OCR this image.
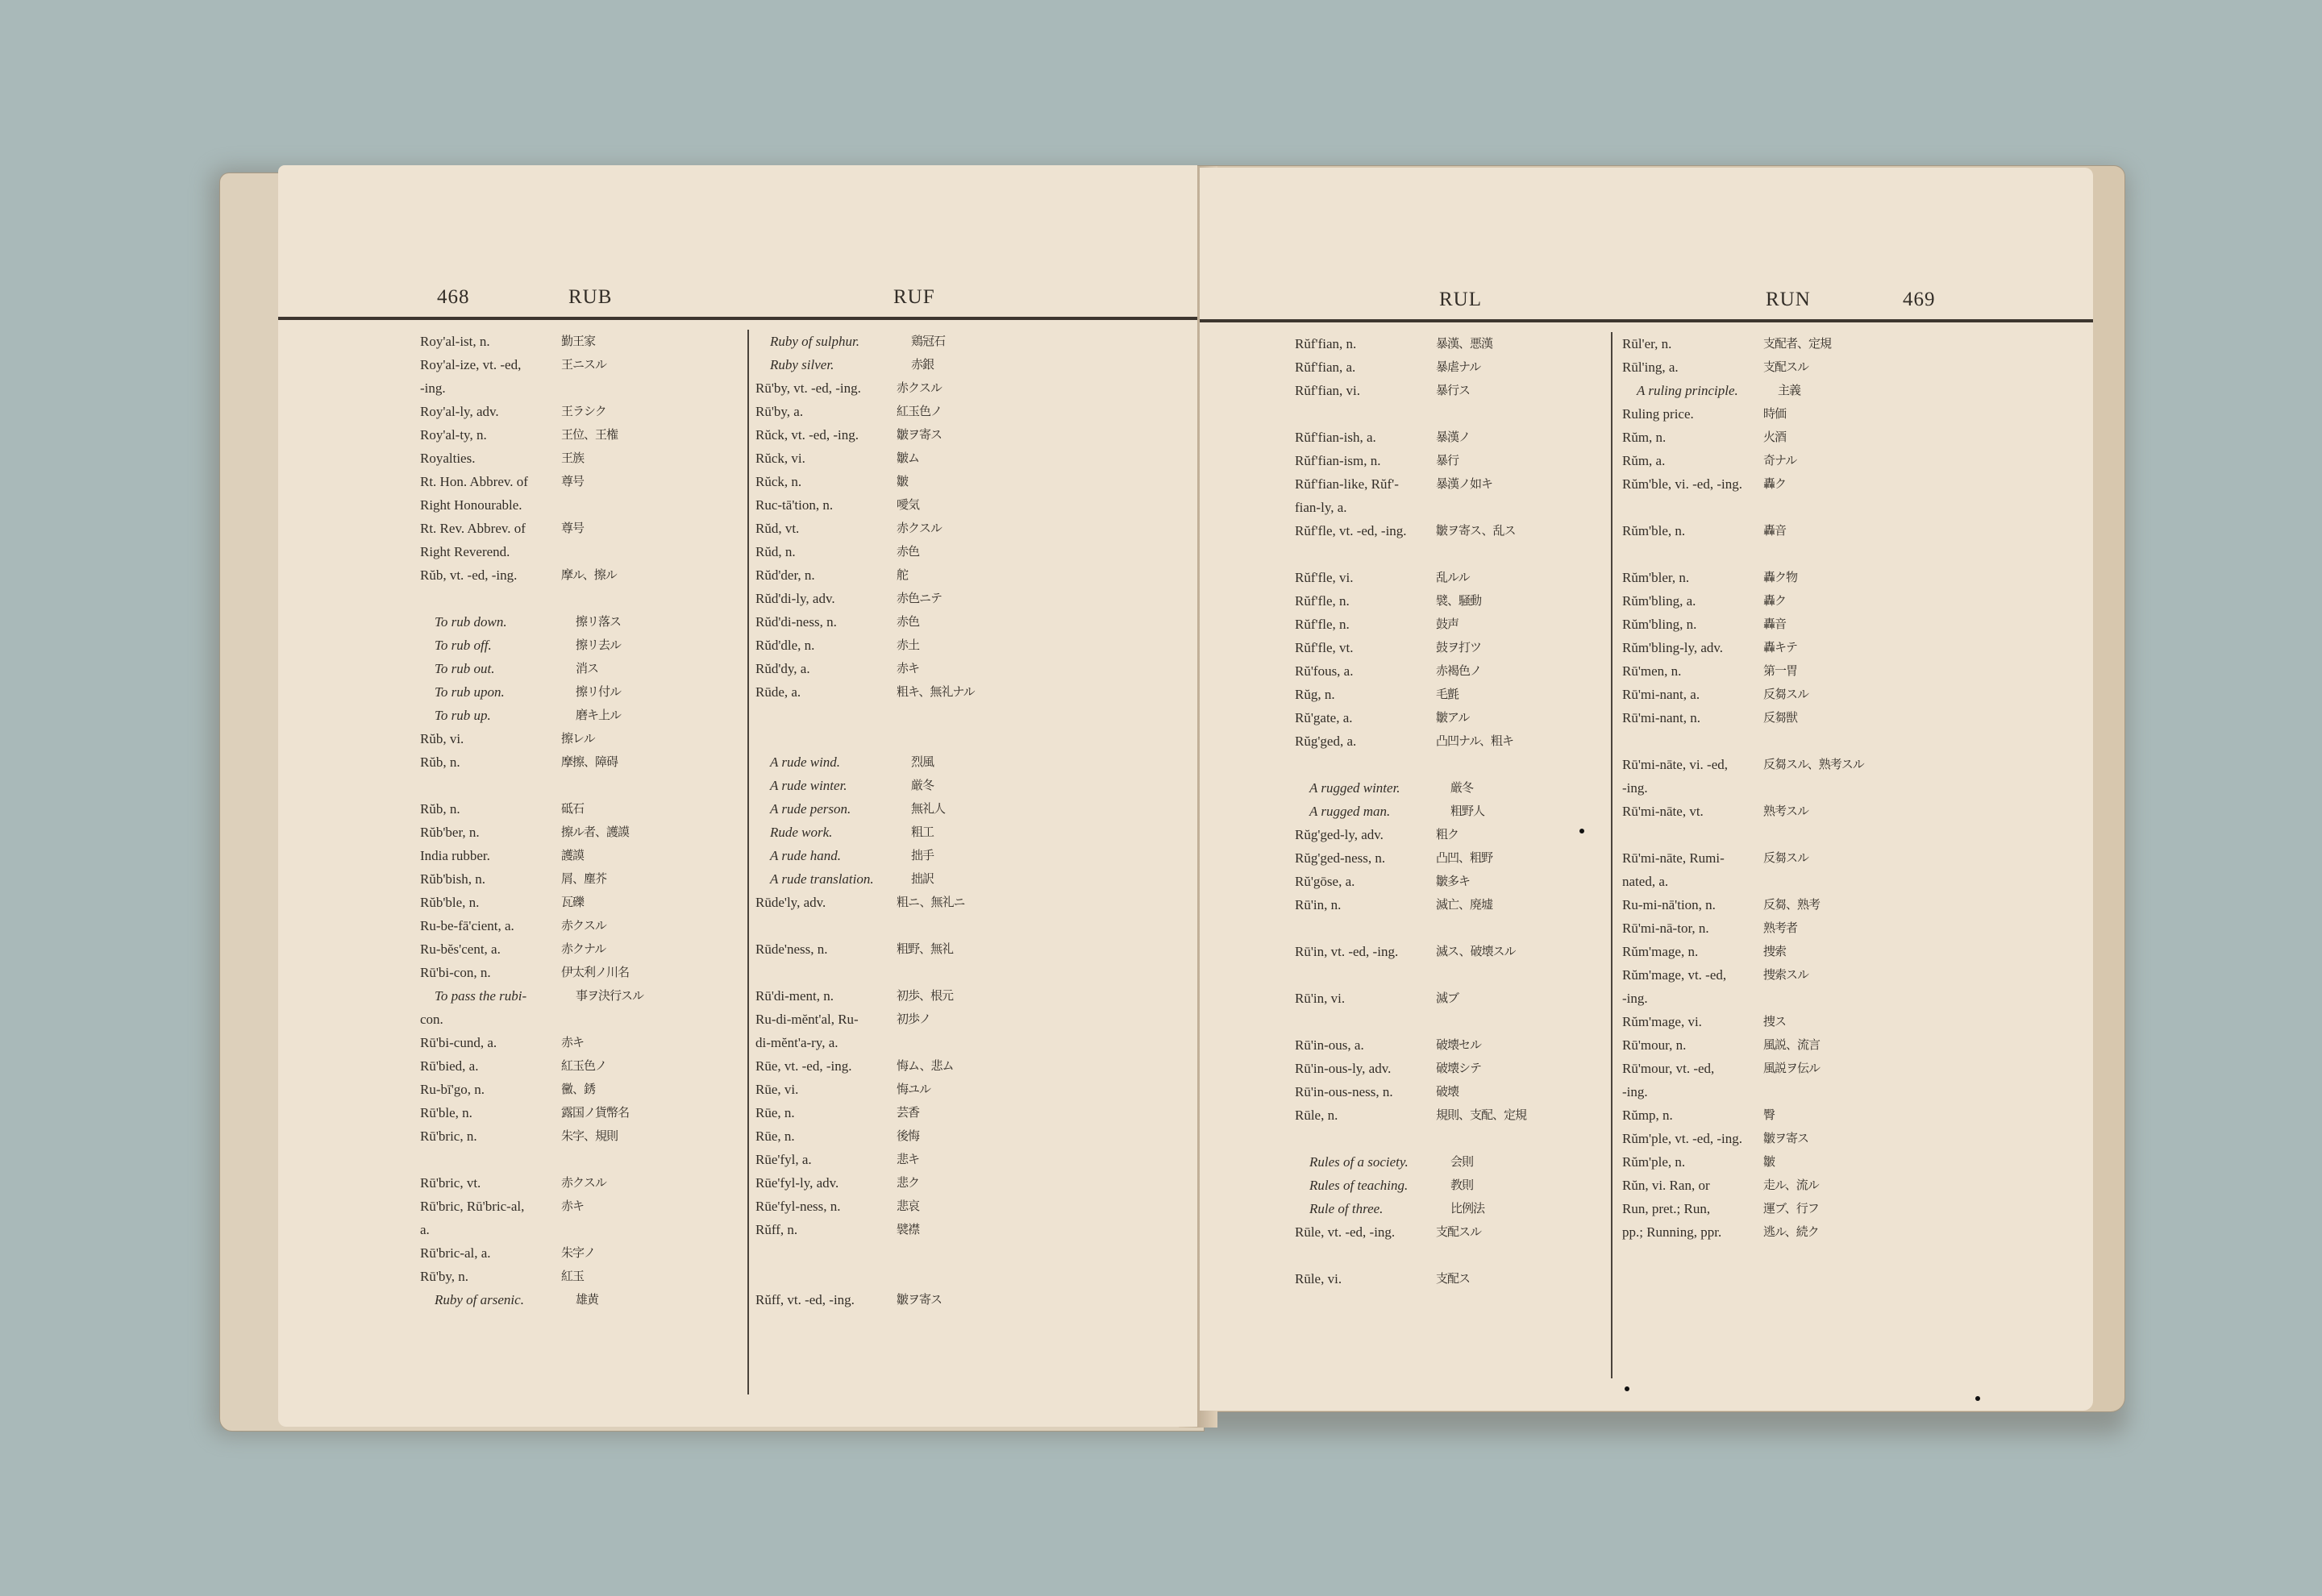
468	RUB	RUF
Roy'al-ist, n.	勤王家
Roy'al-ize, vt. -ed,	王ニスル
-ing.
Roy'al-ly, adv.	王ラシク
Roy'al-ty, n.	王位、王権
Royalties.	王族
Rt. Hon. Abbrev. of	尊号
Right Honourable.
Rt. Rev. Abbrev. of	尊号
Right Reverend.
Rŭb, vt. -ed, -ing.	摩ル、擦ル
To rub down.	擦リ落ス
To rub off.	擦リ去ル
To rub out.	消ス
To rub upon.	擦リ付ル
To rub up.	磨キ上ル
Rŭb, vi.	擦レル
Rŭb, n.	摩擦、障碍
Rŭb, n.	砥石
Rŭb'ber, n.	擦ル者、護謨
India rubber.	護謨
Rŭb'bish, n.	屑、塵芥
Rŭb'ble, n.	瓦礫
Ru-be-fā'cient, a.	赤クスル
Ru-bĕs'cent, a.	赤クナル
Rū'bi-con, n.	伊太利ノ川名
To pass the rubi-	事ヲ決行スル
con.
Rū'bi-cund, a.	赤キ
Rū'bied, a.	紅玉色ノ
Ru-bī'go, n.	黴、銹
Rū'ble, n.	露国ノ貨幣名
Rū'bric, n.	朱字、規則
Rū'bric, vt.	赤クスル
Rū'bric, Rū'bric-al,	赤キ
a.
Rū'bric-al, a.	朱字ノ
Rū'by, n.	紅玉
Ruby of arsenic.	雄黄
Ruby of sulphur.	鶏冠石
Ruby silver.	赤銀
Rū'by, vt. -ed, -ing.	赤クスル
Rū'by, a.	紅玉色ノ
Rŭck, vt. -ed, -ing.	皺ヲ寄ス
Rŭck, vi.	皺ム
Rŭck, n.	皺
Ruc-tā'tion, n.	噯気
Rŭd, vt.	赤クスル
Rŭd, n.	赤色
Rŭd'der, n.	舵
Rŭd'di-ly, adv.	赤色ニテ
Rŭd'di-ness, n.	赤色
Rŭd'dle, n.	赤土
Rŭd'dy, a.	赤キ
Rūde, a.	粗キ、無礼ナル
A rude wind.	烈風
A rude winter.	厳冬
A rude person.	無礼人
Rude work.	粗工
A rude hand.	拙手
A rude translation.	拙訳
Rūde'ly, adv.	粗ニ、無礼ニ
Rūde'ness, n.	粗野、無礼
Rū'di-ment, n.	初歩、根元
Ru-di-mĕnt'al, Ru-	初歩ノ
di-mĕnt'a-ry, a.
Rūe, vt. -ed, -ing.	悔ム、悲ム
Rūe, vi.	悔ユル
Rūe, n.	芸香
Rūe, n.	後悔
Rūe'fyl, a.	悲キ
Rūe'fyl-ly, adv.	悲ク
Rūe'fyl-ness, n.	悲哀
Rŭff, n.	襞襟
Rŭff, vt. -ed, -ing.	皺ヲ寄ス
RUL	RUN	469
Rŭf'fian, n.	暴漢、悪漢
Rŭf'fian, a.	暴虐ナル
Rŭf'fian, vi.	暴行ス
Rŭf'fian-ish, a.	暴漢ノ
Rŭf'fian-ism, n.	暴行
Rŭf'fian-like, Rŭf'-	暴漢ノ如キ
fian-ly, a.
Rŭf'fle, vt. -ed, -ing.	皺ヲ寄ス、乱ス
Rŭf'fle, vi.	乱ルル
Rŭf'fle, n.	襞、騒動
Rŭf'fle, n.	鼓声
Rŭf'fle, vt.	鼓ヲ打ツ
Rŭ'fous, a.	赤褐色ノ
Rŭg, n.	毛氈
Rŭ'gate, a.	皺アル
Rŭg'ged, a.	凸凹ナル、粗キ
A rugged winter.	厳冬
A rugged man.	粗野人
Rŭg'ged-ly, adv.	粗ク
Rŭg'ged-ness, n.	凸凹、粗野
Rŭ'gōse, a.	皺多キ
Rū'in, n.	滅亡、廃墟
Rū'in, vt. -ed, -ing.	滅ス、破壊スル
Rū'in, vi.	滅ブ
Rū'in-ous, a.	破壊セル
Rū'in-ous-ly, adv.	破壊シテ
Rū'in-ous-ness, n.	破壊
Rūle, n.	規則、支配、定規
Rules of a society.	会則
Rules of teaching.	教則
Rule of three.	比例法
Rūle, vt. -ed, -ing.	支配スル
Rūle, vi.	支配ス
Rūl'er, n.	支配者、定規
Rūl'ing, a.	支配スル
A ruling principle.	主義
Ruling price.	時価
Rŭm, n.	火酒
Rŭm, a.	奇ナル
Rŭm'ble, vi. -ed, -ing.	轟ク
Rŭm'ble, n.	轟音
Rŭm'bler, n.	轟ク物
Rŭm'bling, a.	轟ク
Rŭm'bling, n.	轟音
Rŭm'bling-ly, adv.	轟キテ
Rū'men, n.	第一胃
Rū'mi-nant, a.	反芻スル
Rū'mi-nant, n.	反芻獣
Rū'mi-nāte, vi. -ed,	反芻スル、熟考スル
-ing.
Rū'mi-nāte, vt.	熟考スル
Rū'mi-nāte, Rumi-	反芻スル
nated, a.
Ru-mi-nā'tion, n.	反芻、熟考
Rū'mi-nā-tor, n.	熟考者
Rŭm'mage, n.	捜索
Rŭm'mage, vt. -ed,	捜索スル
-ing.
Rŭm'mage, vi.	捜ス
Rū'mour, n.	風説、流言
Rū'mour, vt. -ed,	風説ヲ伝ル
-ing.
Rŭmp, n.	臀
Rŭm'ple, vt. -ed, -ing.	皺ヲ寄ス
Rŭm'ple, n.	皺
Rŭn, vi. Ran, or	走ル、流ル
Run, pret.; Run,	運ブ、行フ
pp.; Running, ppr.	逃ル、続ク
